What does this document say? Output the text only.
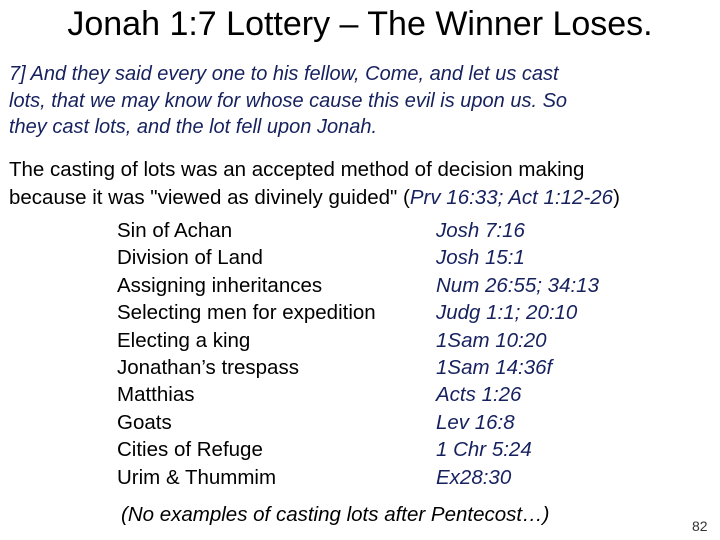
Jonah 1:7 Lottery – The Winner Loses.
7] And they said every one to his fellow, Come, and let us cast
lots, that we may know for whose cause this evil is upon us. So
they cast lots, and the lot fell upon Jonah.
The casting of lots was an accepted method of decision making
because it was "viewed as divinely guided" (Prv 16:33; Act 1:12-26)
Sin of Achan	Josh 7:16
Division of Land	Josh 15:1
Assigning inheritances	Num 26:55; 34:13
Selecting men for expedition	Judg 1:1; 20:10
Electing a king	1Sam 10:20
Jonathan’s trespass	1Sam 14:36f
Matthias	Acts 1:26
Goats	Lev 16:8
Cities of Refuge	1 Chr 5:24
Urim & Thummim	Ex28:30
(No examples of casting lots after Pentecost…)	82
